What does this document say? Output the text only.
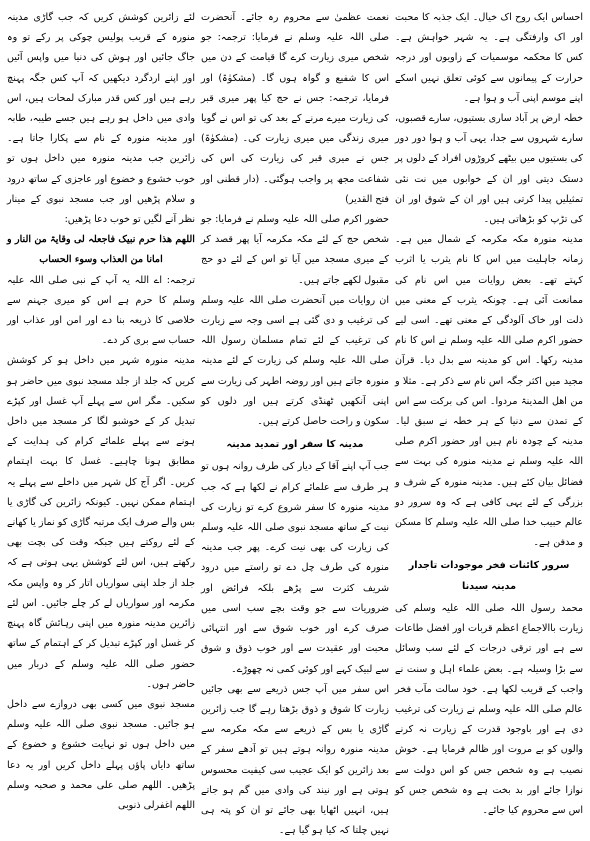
احساس ایک روح اک خیال۔ ایک جذبہ کا محبت اور اک وارفتگی ہے۔ یہ شہر خواہش ہے۔ کس کا محکمہ موسمیات کے زاویوں اور درجہ حرارت کے پیمانوں سے کوئی تعلق نہیں اسکے اپنے موسم اپنی آب و ہوا ہے۔

خطہ ارض پر آباد ساری بستیوں، سارے قصبوں، سارے شہروں سے جدا، یہی آب و ہوا دور دور کی بستیوں میں بیٹھے کروڑوں افراد کے دلوں پر دستک دیتی اور ان کے خوابوں میں نت نئی تمثیلیں پیدا کرتی ہیں اور ان کے شوق اور ان کی تڑپ کو بڑھاتی ہیں۔

مدینہ منورہ مکہ مکرمہ کے شمال میں ہے۔ زمانہ جاہلیت میں اس کا نام یثرب یا اثرب کہتے تھے۔ بعض روایات میں اس نام کی ممانعت آئی ہے۔ چونکہ یثرب کے معنی میں ذلت اور خاک آلودگی کے معنی تھے۔ اسی لیے حضور اکرم صلی اللہ علیہ وسلم نے اس کا نام مدینہ رکھا۔ اس کو مدینہ سے بدل دیا۔ قرآن مجید میں اکثر جگہ اس نام سے ذکر ہے۔ مثلا و من اھل المدینۃ مردوا۔ اس کی برکت سے اس کے تمدن سے دنیا کے ہر خطہ نے سبق لیا۔ مدینہ کے چودہ نام ہیں اور حضور اکرم صلی اللہ علیہ وسلم نے مدینہ منورہ کی بہت سے فضائل بیان کئے ہیں۔ مدینہ منورہ کے شرف و بزرگی کے لئے یہی کافی ہے کہ وہ سرور دو عالم حبیب خدا صلی اللہ علیہ وسلم کا مسکن و مدفن ہے۔

سرور کائنات فخر موجودات تاجدار مدینہ سیدنا

محمد رسول اللہ صلی اللہ علیہ وسلم کی زیارت باالاجماع اعظم قربات اور افضل طاعات سے ہے اور ترقی درجات کے لئے سب وسائل سے بڑا وسیلہ ہے۔ بعض علماء اہل و سنت نے واجب کے قریب لکھا ہے۔ خود سالت مآب فخر عالم صلی اللہ علیہ وسلم نے زیارت کی ترغیب دی ہے اور باوجود قدرت کے زیارت نہ کرنے والوں کو بے مروت اور ظالم فرمایا ہے۔ خوش نصیب ہے وہ شخص جس کو اس دولت سے نوازا جائے اور بد بخت ہے وہ شخص جس کو اس سے محروم کیا جائے۔

نعمت عظمیٰ سے محروم رہ جائے۔ آنحضرت صلی اللہ علیہ وسلم نے فرمایا: ترجمہ: جو شخص میری زیارت کرے گا قیامت کے دن میں اس کا شفیع و گواہ ہوں گا۔ (مشکوٰۃ) اور فرمایا، ترجمہ: جس نے حج کیا پھر میری قبر کی زیارت میرے مرنے کے بعد کی تو اس نے گویا میری زندگی میں میری زیارت کی۔ (مشکوٰۃ) جس نے میری قبر کی زیارت کی اس کی شفاعت مجھ پر واجب ہوگئی۔ (دار قطنی اور فتح القدیر)

حضور اکرم صلی اللہ علیہ وسلم نے فرمایا: جو شخص حج کے لئے مکہ مکرمہ آیا پھر قصد کر کے میری مسجد میں آیا تو اس کے لئے دو حج مقبول لکھے جاتے ہیں۔

ان روایات میں آنحضرت صلی اللہ علیہ وسلم کی ترغیب و دی گئی ہے اسی وجہ سے زیارت کی ترغیب کے لئے تمام مسلمان رسول اللہ صلی اللہ علیہ وسلم کی زیارت کے لئے مدینہ منورہ جاتے ہیں اور روضہ اطہر کی زیارت سے اپنی آنکھیں ٹھنڈی کرتے ہیں اور دلوں کو سکون و راحت حاصل کرتے ہیں۔

مدینہ کا سفر اور تمدید مدینہ

جب آپ اپنے آقا کے دیار کی طرف روانہ ہوں تو ہر طرف سے علمائے کرام نے لکھا ہے کہ جب مدینہ منورہ کا سفر شروع کرے تو زیارت کی نیت کے ساتھ مسجد نبوی صلی اللہ علیہ وسلم کی زیارت کی بھی نیت کرے۔ پھر جب مدینہ منورہ کی طرف چل دے تو راستے میں درود شریف کثرت سے پڑھے بلکہ فرائض اور ضروریات سے جو وقت بچے سب اسی میں صرف کرے اور خوب شوق سے اور انتہائی محبت اور عقیدت سے اور خوب ذوق و شوق سے لبیک کہے اور کوئی کمی نہ چھوڑے۔

اس سفر میں آپ جس ذریعے سے بھی جائیں زیارت کا شوق و ذوق بڑھتا رہے گا جب زائرین گاڑی یا بس کے ذریعے سے مکہ مکرمہ سے مدینہ منورہ روانہ ہوتے ہیں تو آدھے سفر کے بعد زائرین کو ایک عجیب سی کیفیت محسوس ہوتی ہے اور نیند کی وادی میں گم ہو جاتے ہیں، انہیں اٹھایا بھی جائے تو ان کو پتہ ہی نہیں چلتا کہ کیا ہو گیا ہے۔

لئے زائرین کوشش کریں کہ جب گاڑی مدینہ منورہ کے قریب پولیس چوکی پر رکے تو وہ جاگ جائیں اور ہوش کی دنیا میں واپس آئیں اور اپنے اردگرد دیکھیں کہ آپ کس جگہ پہنچ رہے ہیں اور کس قدر مبارک لمحات ہیں، اس وادی میں داخل ہو رہے ہیں جسے طیبہ، طابہ اور مدینہ منورہ کے نام سے پکارا جاتا ہے۔ زائرین جب مدینہ منورہ میں داخل ہوں تو خوب خشوع و خضوع اور عاجزی کے ساتھ درود و سلام پڑھیں اور جب مسجد نبوی کے مینار نظر آنے لگیں تو خوب دعا پڑھیں:

اللھم ھذا حرم نبیک فاجعلہ لی وقایۃ من النار و امانا من العذاب وسوء الحساب

ترجمہ: اے اللہ یہ آپ کے نبی صلی اللہ علیہ وسلم کا حرم ہے اس کو میری جہنم سے خلاصی کا ذریعہ بنا دے اور امن اور عذاب اور حساب سے بری کر دے۔

مدینہ منورہ شہر میں داخل ہو کر کوشش کریں کہ جلد از جلد مسجد نبوی میں حاضر ہو سکیں۔ مگر اس سے پہلے آپ غسل اور کپڑے تبدیل کر کے خوشبو لگا کر مسجد میں داخل ہونے سے پہلے علمائے کرام کی ہدایت کے مطابق ہونا چاہیے۔ غسل کا بہت اہتمام کریں۔ اگر آج کل شہر میں داخلے سے پہلے یہ اہتمام ممکن نہیں۔ کیونکہ زائرین کی گاڑی یا بس والے صرف ایک مرتبہ گاڑی کو نماز یا کھانے کے لئے روکتے ہیں جبکہ وقت کی بچت بھی رکھتے ہیں، اس لئے کوشش یہی ہوتی ہے کہ جلد از جلد اپنی سواریاں اتار کر وہ واپس مکہ مکرمہ اور سواریاں لے کر چلے جائیں۔ اس لئے زائرین مدینہ منورہ میں اپنی رہائش گاہ پہنچ کر غسل اور کپڑے تبدیل کر کے اہتمام کے ساتھ حضور صلی اللہ علیہ وسلم کے دربار میں حاضر ہوں۔

مسجد نبوی میں کسی بھی دروازے سے داخل ہو جائیں۔ مسجد نبوی صلی اللہ علیہ وسلم میں داخل ہوں تو نہایت خشوع و خضوع کے ساتھ دایاں پاؤں پہلے داخل کریں اور یہ دعا پڑھیں۔ اللھم صلی علی محمد و صحبہ وسلم اللھم اغفرلی ذنوبی
